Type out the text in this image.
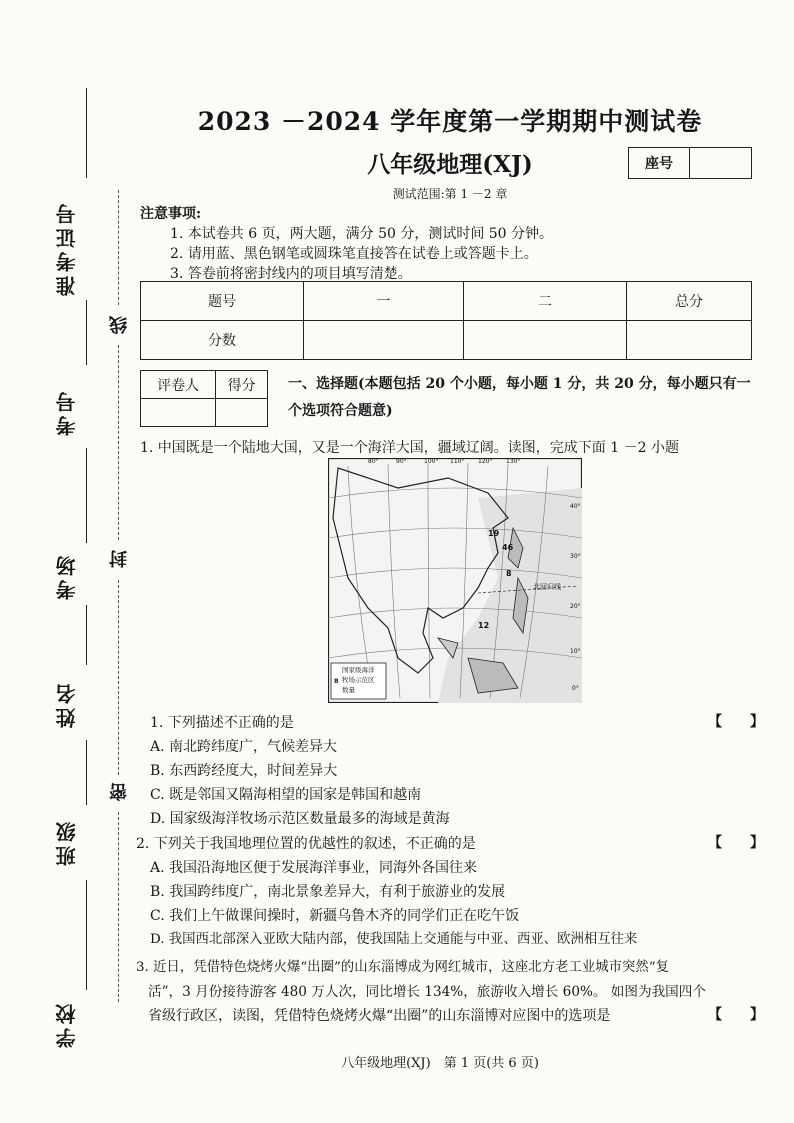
准考证号
考号
考场
姓名
班级
学校
线
封
密
2023 －2024 学年度第一学期期中测试卷
八年级地理(XJ)
测试范围:第 1 －2 章
座号
注意事项:
1. 本试卷共 6 页，两大题，满分 50 分，测试时间 50 分钟。
2. 请用蓝、黑色钢笔或圆珠笔直接答在试卷上或答题卡上。
3. 答卷前将密封线内的项目填写清楚。
题号	一	二	总分
分数			
评卷人	得分
	一、选择题(本题包括 20 个小题，每小题 1 分，共 20 分，每小题只有一个选项符合题意)
1. 中国既是一个陆地大国，又是一个海洋大国，疆域辽阔。读图，完成下面 1 －2 小题
80°	90°	100° 110° 120° 130°
40°
30°
20°
10°
0°
19
46
8
12
北回归线
8
国家级海洋
牧场示范区
数量
1. 下列描述不正确的是	【　　】
A. 南北跨纬度广，气候差异大
B. 东西跨经度大，时间差异大
C. 既是邻国又隔海相望的国家是韩国和越南
D. 国家级海洋牧场示范区数量最多的海域是黄海
2. 下列关于我国地理位置的优越性的叙述，不正确的是	【　　】
A. 我国沿海地区便于发展海洋事业，同海外各国往来
B. 我国跨纬度广，南北景象差异大，有利于旅游业的发展
C. 我们上午做课间操时，新疆乌鲁木齐的同学们正在吃午饭
D. 我国西北部深入亚欧大陆内部，使我国陆上交通能与中亚、西亚、欧洲相互往来
3. 近日，凭借特色烧烤火爆“出圈”的山东淄博成为网红城市，这座北方老工业城市突然“复
活”，3 月份接待游客 480 万人次，同比增长 134%，旅游收入增长 60%。 如图为我国四个
省级行政区，读图，凭借特色烧烤火爆“出圈”的山东淄博对应图中的选项是	【　　】
八年级地理(XJ)　第 1 页(共 6 页)
